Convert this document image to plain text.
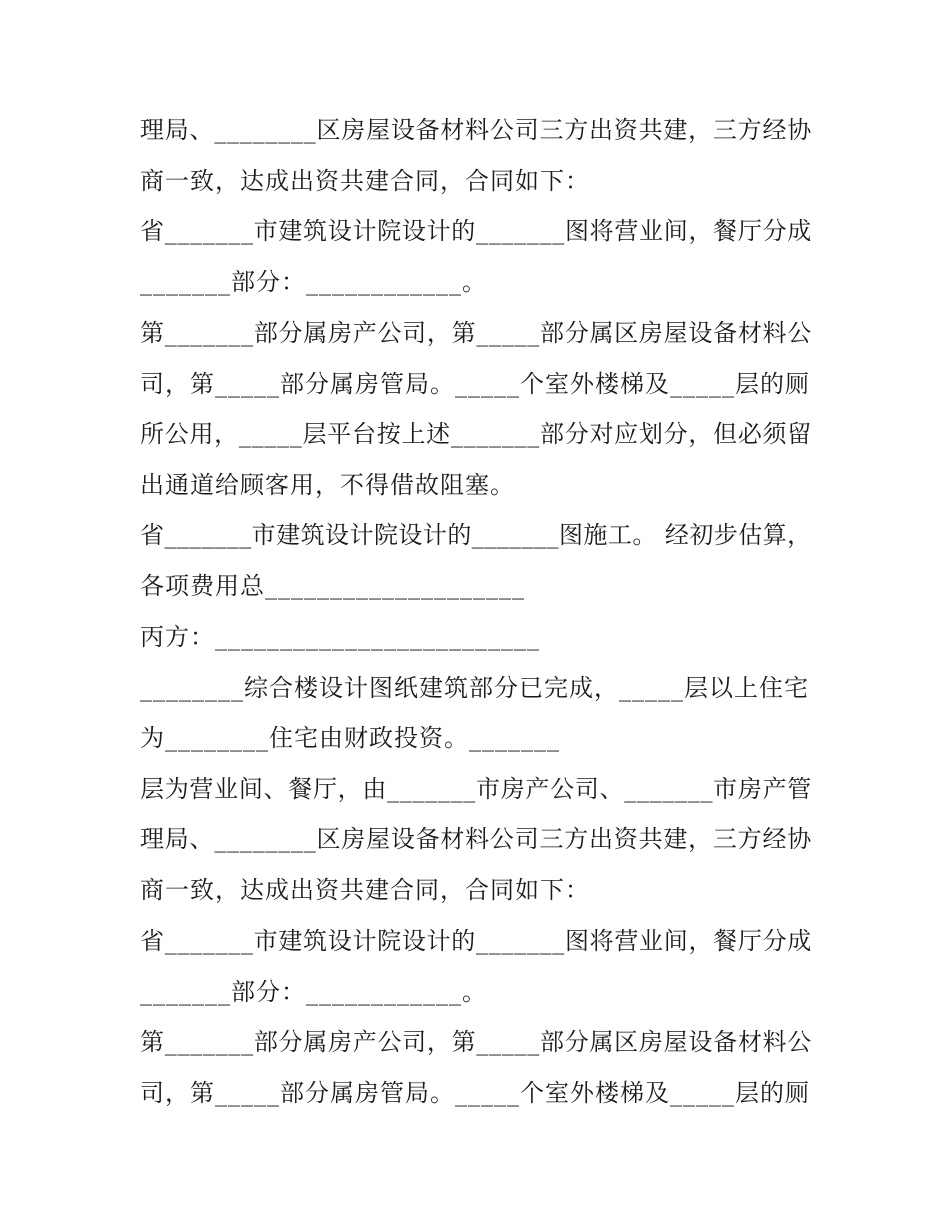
理局、________区房屋设备材料公司三方出资共建，三方经协

商一致，达成出资共建合同，合同如下：

省_______市建筑设计院设计的_______图将营业间，餐厅分成

_______部分：____________。

第_______部分属房产公司，第_____部分属区房屋设备材料公

司，第_____部分属房管局。_____个室外楼梯及_____层的厕

所公用，_____层平台按上述_______部分对应划分，但必须留

出通道给顾客用，不得借故阻塞。

省_______市建筑设计院设计的_______图施工。 经初步估算，

各项费用总____________________

丙方：_________________________

________综合楼设计图纸建筑部分已完成，_____层以上住宅

为________住宅由财政投资。_______

层为营业间、餐厅，由_______市房产公司、_______市房产管

理局、________区房屋设备材料公司三方出资共建，三方经协

商一致，达成出资共建合同，合同如下：

省_______市建筑设计院设计的_______图将营业间，餐厅分成

_______部分：____________。

第_______部分属房产公司，第_____部分属区房屋设备材料公

司，第_____部分属房管局。_____个室外楼梯及_____层的厕
